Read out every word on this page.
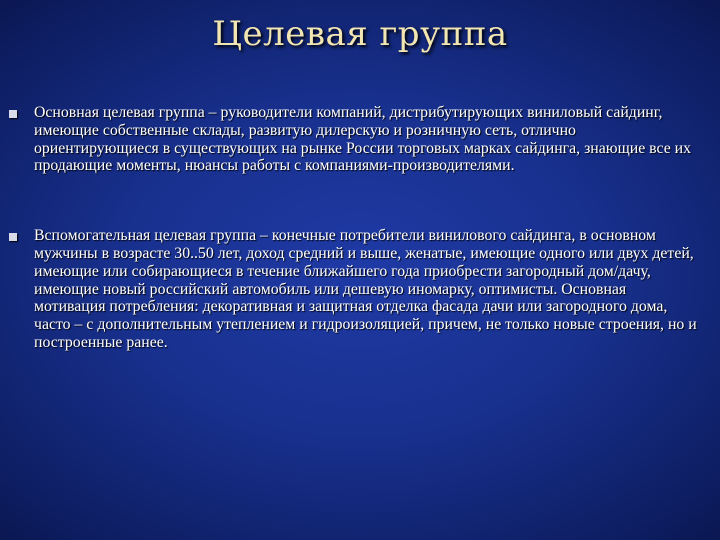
Целевая группа
Основная целевая группа – руководители компаний, дистрибутирующих виниловый сайдинг, имеющие собственные склады, развитую дилерскую и розничную сеть, отлично ориентирующиеся в существующих на рынке России торговых марках сайдинга, знающие все их продающие моменты, нюансы работы с компаниями-производителями.
Вспомогательная целевая группа – конечные потребители винилового сайдинга, в основном мужчины в возрасте 30..50 лет, доход средний и выше, женатые, имеющие одного или двух детей, имеющие или собирающиеся в течение ближайшего года приобрести загородный дом/дачу, имеющие новый российский автомобиль или дешевую иномарку, оптимисты. Основная мотивация потребления: декоративная и защитная отделка фасада дачи или загородного дома, часто – с дополнительным утеплением и гидроизоляцией, причем, не только новые строения, но и построенные ранее.
